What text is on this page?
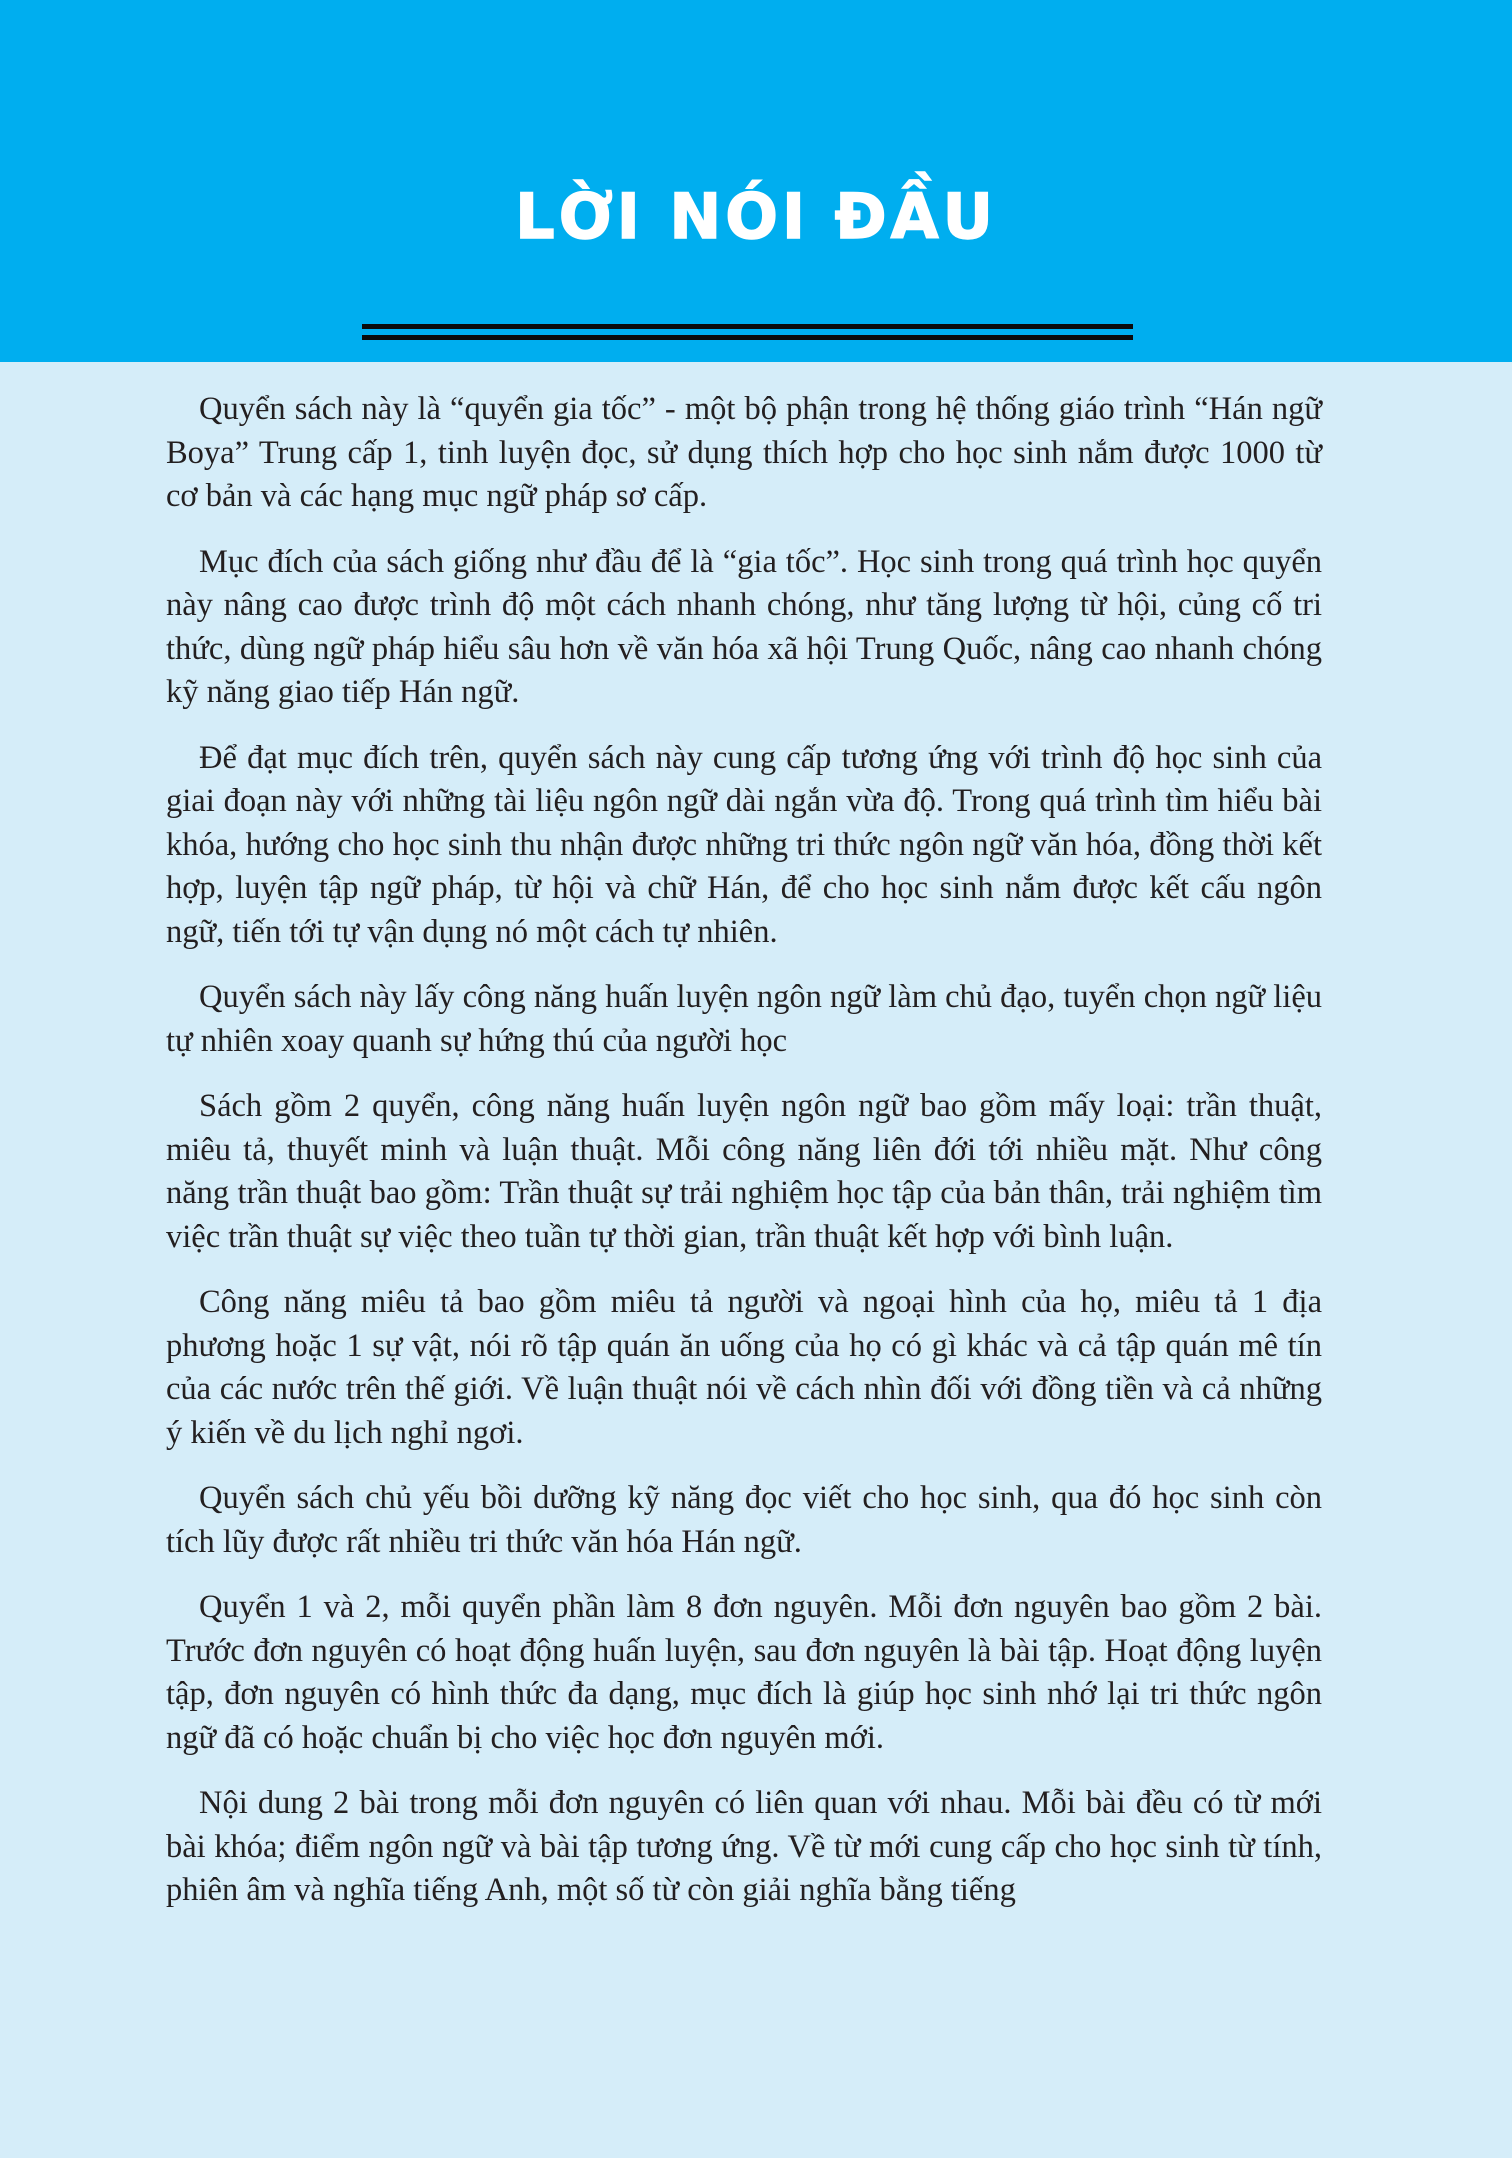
LỜI NÓI ĐẦU

Quyển sách này là “quyển gia tốc” - một bộ phận trong hệ thống giáo trình “Hán ngữ Boya” Trung cấp 1, tinh luyện đọc, sử dụng thích hợp cho học sinh nắm được 1000 từ cơ bản và các hạng mục ngữ pháp sơ cấp.

Mục đích của sách giống như đầu để là “gia tốc”. Học sinh trong quá trình học quyển này nâng cao được trình độ một cách nhanh chóng, như tăng lượng từ hội, củng cố tri thức, dùng ngữ pháp hiểu sâu hơn về văn hóa xã hội Trung Quốc, nâng cao nhanh chóng kỹ năng giao tiếp Hán ngữ.

Để đạt mục đích trên, quyển sách này cung cấp tương ứng với trình độ học sinh của giai đoạn này với những tài liệu ngôn ngữ dài ngắn vừa độ. Trong quá trình tìm hiểu bài khóa, hướng cho học sinh thu nhận được những tri thức ngôn ngữ văn hóa, đồng thời kết hợp, luyện tập ngữ pháp, từ hội và chữ Hán, để cho học sinh nắm được kết cấu ngôn ngữ, tiến tới tự vận dụng nó một cách tự nhiên.

Quyển sách này lấy công năng huấn luyện ngôn ngữ làm chủ đạo, tuyển chọn ngữ liệu tự nhiên xoay quanh sự hứng thú của người học

Sách gồm 2 quyển, công năng huấn luyện ngôn ngữ bao gồm mấy loại: trần thuật, miêu tả, thuyết minh và luận thuật. Mỗi công năng liên đới tới nhiều mặt. Như công năng trần thuật bao gồm: Trần thuật sự trải nghiệm học tập của bản thân, trải nghiệm tìm việc trần thuật sự việc theo tuần tự thời gian, trần thuật kết hợp với bình luận.

Công năng miêu tả bao gồm miêu tả người và ngoại hình của họ, miêu tả 1 địa phương hoặc 1 sự vật, nói rõ tập quán ăn uống của họ có gì khác và cả tập quán mê tín của các nước trên thế giới. Về luận thuật nói về cách nhìn đối với đồng tiền và cả những ý kiến về du lịch nghỉ ngơi.

Quyển sách chủ yếu bồi dưỡng kỹ năng đọc viết cho học sinh, qua đó học sinh còn tích lũy được rất nhiều tri thức văn hóa Hán ngữ.

Quyển 1 và 2, mỗi quyển phần làm 8 đơn nguyên. Mỗi đơn nguyên bao gồm 2 bài. Trước đơn nguyên có hoạt động huấn luyện, sau đơn nguyên là bài tập. Hoạt động luyện tập, đơn nguyên có hình thức đa dạng, mục đích là giúp học sinh nhớ lại tri thức ngôn ngữ đã có hoặc chuẩn bị cho việc học đơn nguyên mới.

Nội dung 2 bài trong mỗi đơn nguyên có liên quan với nhau. Mỗi bài đều có từ mới bài khóa; điểm ngôn ngữ và bài tập tương ứng. Về từ mới cung cấp cho học sinh từ tính, phiên âm và nghĩa tiếng Anh, một số từ còn giải nghĩa bằng tiếng
